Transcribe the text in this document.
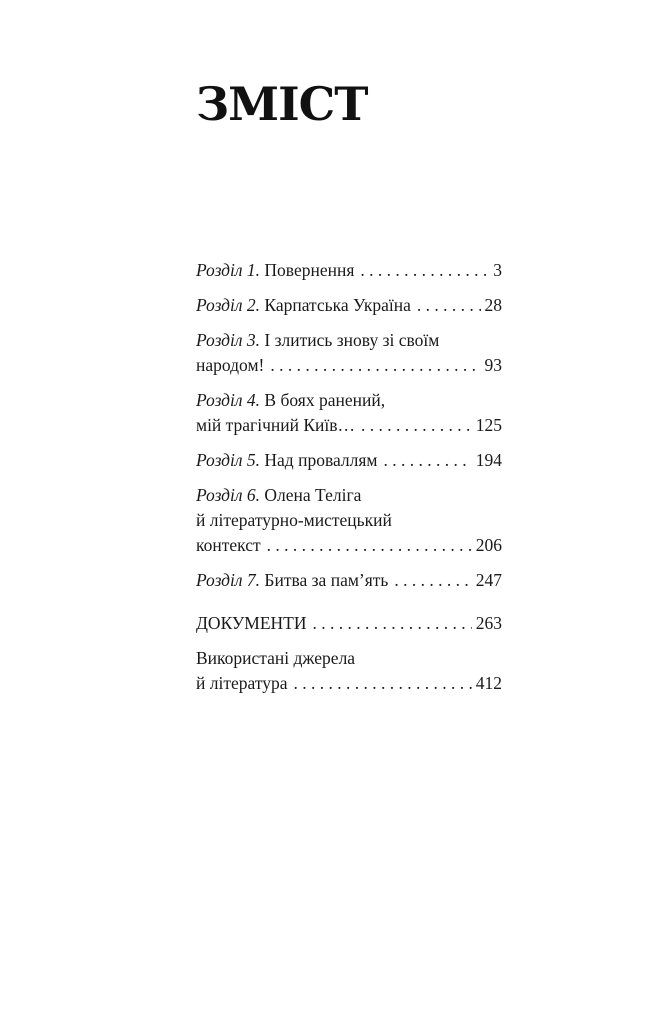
ЗМІСТ
Розділ 1. Повернення . . .	3
Розділ 2. Карпатська Україна . . .	28
Розділ 3. І злитись знову зі своїм
народом! . . .	93
Розділ 4. В боях ранений,
мій трагічний Київ… . . .	125
Розділ 5. Над проваллям . . .	194
Розділ 6. Олена Теліга
й літературно-мистецький
контекст . . .	206
Розділ 7. Битва за пам’ять . . .	247
ДОКУМЕНТИ . . .	263
Використані джерела
й література . . .	412
